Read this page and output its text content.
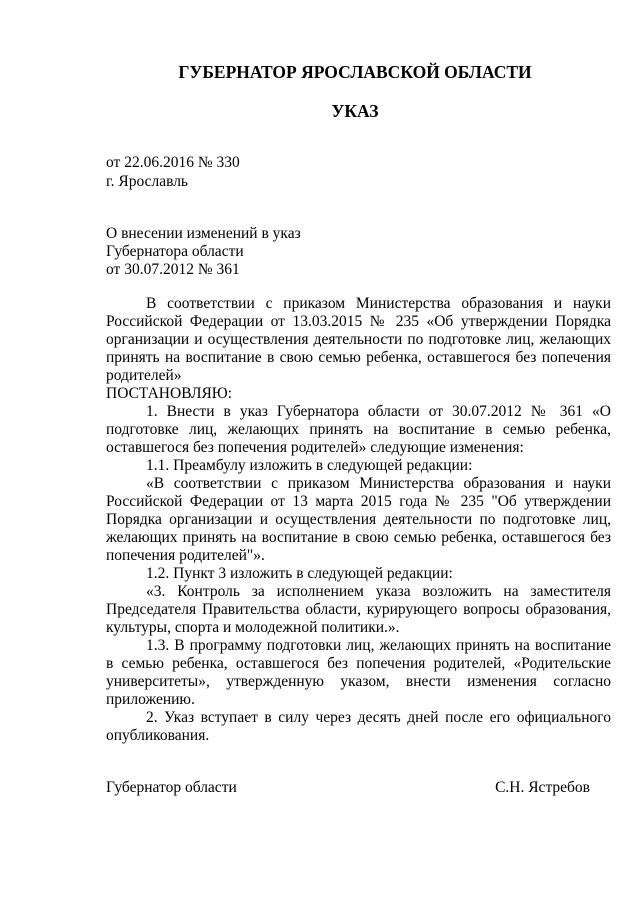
ГУБЕРНАТОР ЯРОСЛАВСКОЙ ОБЛАСТИ
УКАЗ

от 22.06.2016 № 330

г. Ярославль

О внесении изменений в указ

Губернатора области

от 30.07.2012 № 361

В соответствии с приказом Министерства образования и науки Российской Федерации от 13.03.2015 № 235 «Об утверждении Порядка организации и осуществления деятельности по подготовке лиц, желающих принять на воспитание в свою семью ребенка, оставшегося без попечения родителей»

ПОСТАНОВЛЯЮ:

1. Внести в указ Губернатора области от 30.07.2012 № 361 «О подготовке лиц, желающих принять на воспитание в семью ребенка, оставшегося без попечения родителей» следующие изменения:

1.1. Преамбулу изложить в следующей редакции:

«В соответствии с приказом Министерства образования и науки Российской Федерации от 13 марта 2015 года № 235 "Об утверждении Порядка организации и осуществления деятельности по подготовке лиц, желающих принять на воспитание в свою семью ребенка, оставшегося без попечения родителей"».

1.2. Пункт 3 изложить в следующей редакции:

«3. Контроль за исполнением указа возложить на заместителя Председателя Правительства области, курирующего вопросы образования, культуры, спорта и молодежной политики.».

1.3. В программу подготовки лиц, желающих принять на воспитание в семью ребенка, оставшегося без попечения родителей, «Родительские университеты», утвержденную указом, внести изменения согласно приложению.

2. Указ вступает в силу через десять дней после его официального опубликования.

Губернатор области	С.Н. Ястребов
